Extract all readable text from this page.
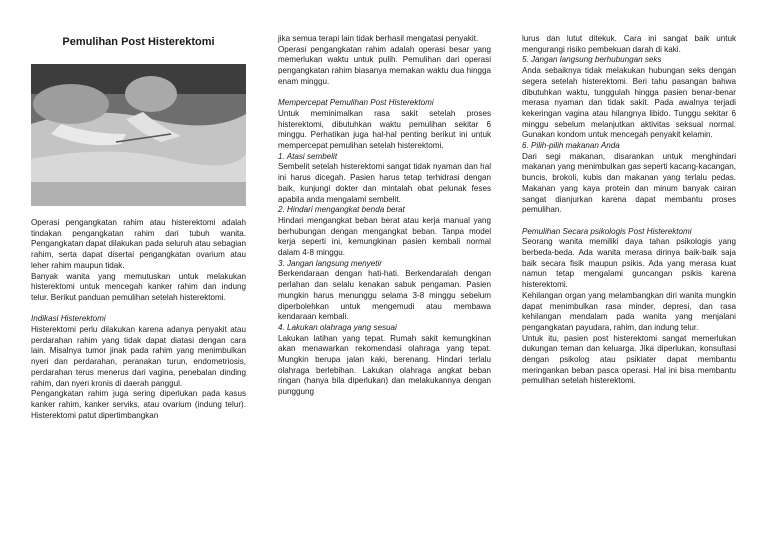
Pemulihan Post Histerektomi

Operasi pengangkatan rahim atau histerektomi adalah tindakan pengangkatan rahim dari tubuh wanita. Pengangkatan dapat dilakukan pada seluruh atau sebagian rahim, serta dapat disertai pengangkatan ovarium atau leher rahim maupun tidak.

Banyak wanita yang memutuskan untuk melakukan histerektomi untuk mencegah kanker rahim dan indung telur. Berikut panduan pemulihan setelah histerektomi.

Indikasi Histerektomi

Histerektomi perlu dilakukan karena adanya penyakit atau perdarahan rahim yang tidak dapat diatasi dengan cara lain. Misalnya tumor jinak pada rahim yang menimbulkan nyeri dan perdarahan, peranakan turun, endometriosis, perdarahan terus menerus dari vagina, penebalan dinding rahim, dan nyeri kronis di daerah panggul.

Pengangkatan rahim juga sering diperlukan pada kasus kanker rahim, kanker serviks, atau ovarium (indung telur). Histerektomi patut dipertimbangkan

jika semua terapi lain tidak berhasil mengatasi penyakit.

Operasi pengangkatan rahim adalah operasi besar yang memerlukan waktu untuk pulih. Pemulihan dari operasi pengangkatan rahim biasanya memakan waktu dua hingga enam minggu.

Mempercepat Pemulihan Post Histerektomi

Untuk meminimalkan rasa sakit setelah proses histerektomi, dibutuhkan waktu pemulihan sekitar 6 minggu. Perhatikan juga hal-hal penting berikut ini untuk mempercepat pemulihan setelah histerektomi.

1. Atasi sembelit

Sembelit setelah histerektomi sangat tidak nyaman dan hal ini harus dicegah. Pasien harus tetap terhidrasi dengan baik, kunjungi dokter dan mintalah obat pelunak feses apabila anda mengalami sembelit.

2. Hindari mengangkat benda berat

Hindari mengangkat beban berat atau kerja manual yang berhubungan dengan mengangkat beban. Tanpa model kerja seperti ini, kemungkinan pasien kembali normal dalam 4-8 minggu.

3. Jangan langsung menyetir

Berkendaraan dengan hati-hati. Berkendaralah dengan perlahan dan selalu kenakan sabuk pengaman. Pasien mungkin harus menunggu selama 3-8 minggu sebelum diperbolehkan untuk mengemudi atau membawa kendaraan kembali.

4. Lakukan olahraga yang sesuai

Lakukan latihan yang tepat. Rumah sakit kemungkinan akan menawarkan rekomendasi olahraga yang tepat. Mungkin berupa jalan kaki, berenang. Hindari terlalu olahraga berlebihan. Lakukan olahraga angkat beban ringan (hanya bila diperlukan) dan melakukannya dengan punggung

lurus dan lutut ditekuk. Cara ini sangat baik untuk mengurangi risiko pembekuan darah di kaki.

5. Jangan langsung berhubungan seks

Anda sebaiknya tidak melakukan hubungan seks dengan segera setelah histerektomi. Beri tahu pasangan bahwa dibutuhkan waktu, tunggulah hingga pasien benar-benar merasa nyaman dan tidak sakit. Pada awalnya terjadi kekeringan vagina atau hilangnya libido. Tunggu sekitar 6 minggu sebelum melanjutkan aktivitas seksual normal. Gunakan kondom untuk mencegah penyakit kelamin.

6. Pilih-pilih makanan Anda

Dari segi makanan, disarankan untuk menghindari makanan yang menimbulkan gas seperti kacang-kacangan, buncis, brokoli, kubis dan makanan yang terlalu pedas. Makanan yang kaya protein dan minum banyak cairan sangat dianjurkan karena dapat membantu proses pemulihan.

Pemulihan Secara psikologis Post Histerektomi

Seorang wanita memiliki daya tahan psikologis yang berbeda-beda. Ada wanita merasa dirinya baik-baik saja baik secara fisik maupun psikis. Ada yang merasa kuat namun tetap mengalami guncangan psikis karena histerektomi.

Kehilangan organ yang melambangkan diri wanita mungkin dapat menimbulkan rasa minder, depresi, dan rasa kehilangan mendalam pada wanita yang menjalani pengangkatan payudara, rahim, dan indung telur.

Untuk itu, pasien post histerektomi sangat memerlukan dukungan teman dan keluarga. Jika diperlukan, konsultasi dengan psikolog atau psikiater dapat membantu meringankan beban pasca operasi. Hal ini bisa membantu pemulihan setelah histerektomi.
